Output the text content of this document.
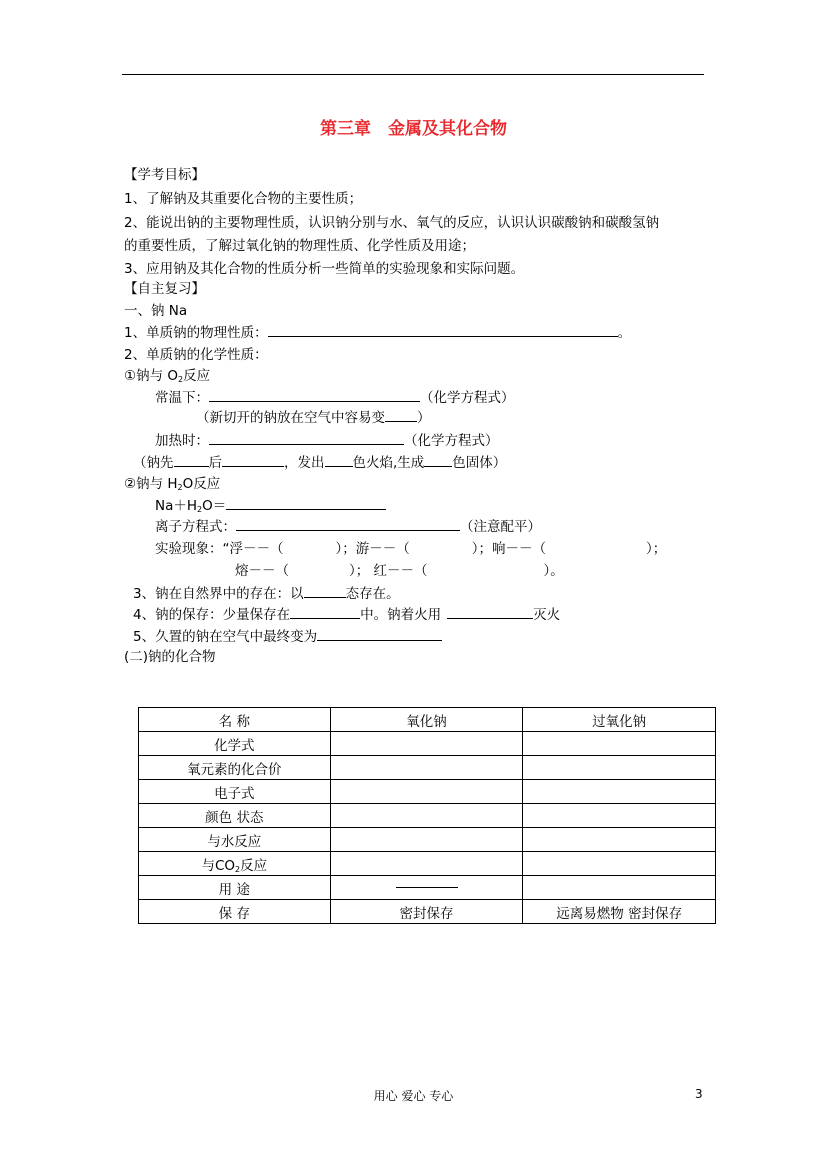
第三章　金属及其化合物
【学考目标】
1、了解钠及其重要化合物的主要性质；
2、能说出钠的主要物理性质，认识钠分别与水、氧气的反应，认识认识碳酸钠和碳酸氢钠
的重要性质，了解过氧化钠的物理性质、化学性质及用途；
3、应用钠及其化合物的性质分析一些简单的实验现象和实际问题。
【自主复习】
一、钠 Na
1、单质钠的物理性质：	。
2、单质钠的化学性质：
①钠与 $O_2$反应
常温下：	（化学方程式）
（新切开的钠放在空气中容易变 ）
加热时：	（化学方程式）
（钠先	后	，发出 色火焰,生成 色固体）
②钠与 $H_2O$反应
$Na+H_2O=$
离子方程式：	（注意配平）
实验现象：“浮－－（	）；游－－（	）；响－－（	）；
熔－－（	）； 红－－（	）。
3、钠在自然界中的存在：以	态存在。
4、钠的保存：少量保存在	中。钠着火用	灭火
5、久置的钠在空气中最终变为
(二)钠的化合物
名 称	氧化钠	过氧化钠
化学式		
氧元素的化合价		
电子式		
颜色 状态		
与水反应		
与$CO_2$反应		
用 途		
保 存	密封保存	远离易燃物 密封保存
用心 爱心 专心	3
